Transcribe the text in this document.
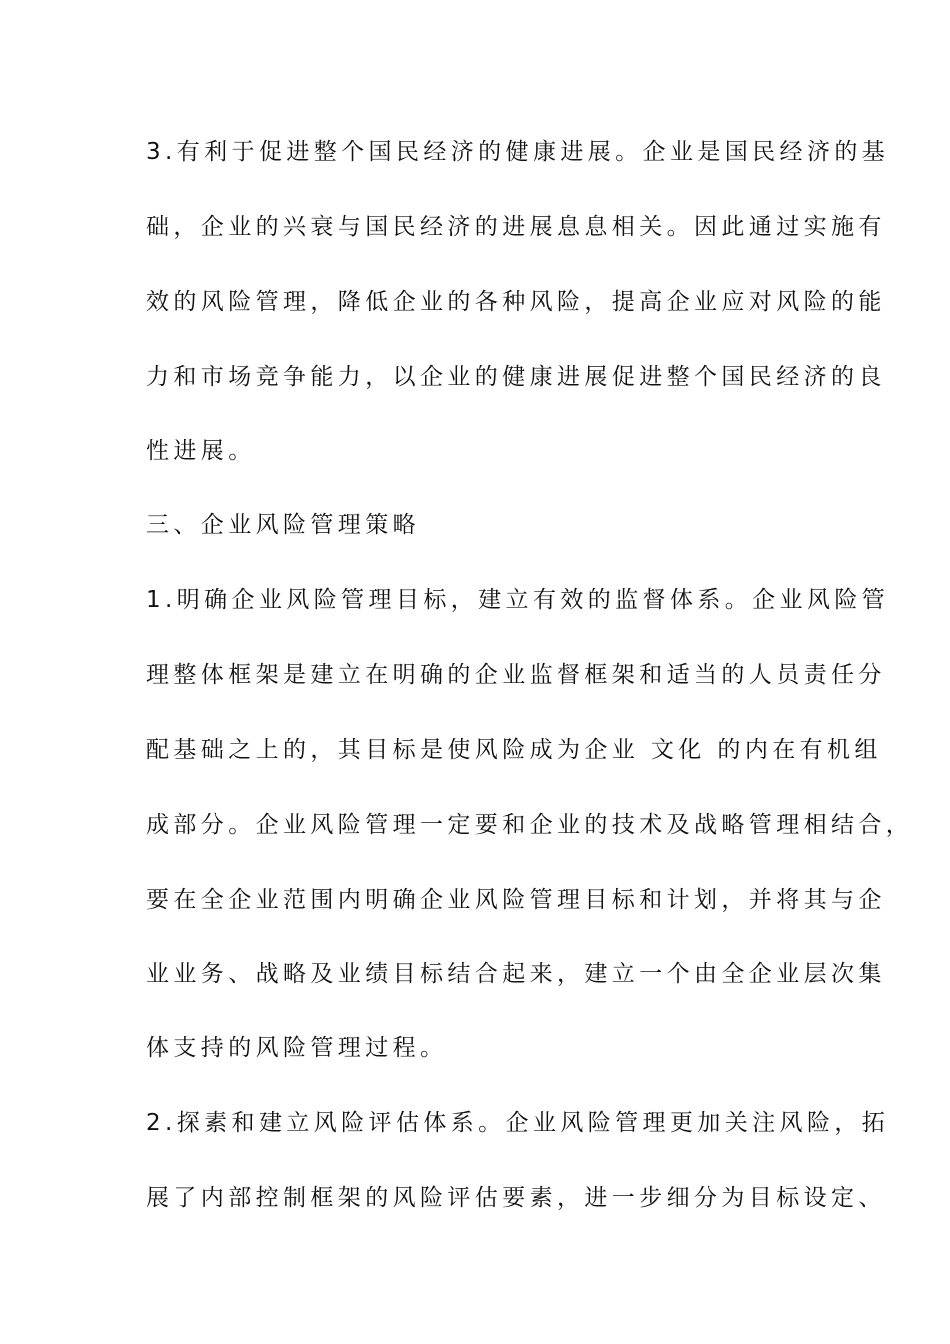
3.有利于促进整个国民经济的健康进展。企业是国民经济的基
础，企业的兴衰与国民经济的进展息息相关。因此通过实施有
效的风险管理，降低企业的各种风险，提高企业应对风险的能
力和市场竞争能力，以企业的健康进展促进整个国民经济的良
性进展。
三、企业风险管理策略
1.明确企业风险管理目标，建立有效的监督体系。企业风险管
理整体框架是建立在明确的企业监督框架和适当的人员责任分
配基础之上的，其目标是使风险成为企业 文化 的内在有机组
成部分。企业风险管理一定要和企业的技术及战略管理相结合，
要在全企业范围内明确企业风险管理目标和计划，并将其与企
业业务、战略及业绩目标结合起来，建立一个由全企业层次集
体支持的风险管理过程。
2.探素和建立风险评估体系。企业风险管理更加关注风险，拓
展了内部控制框架的风险评估要素，进一步细分为目标设定、
